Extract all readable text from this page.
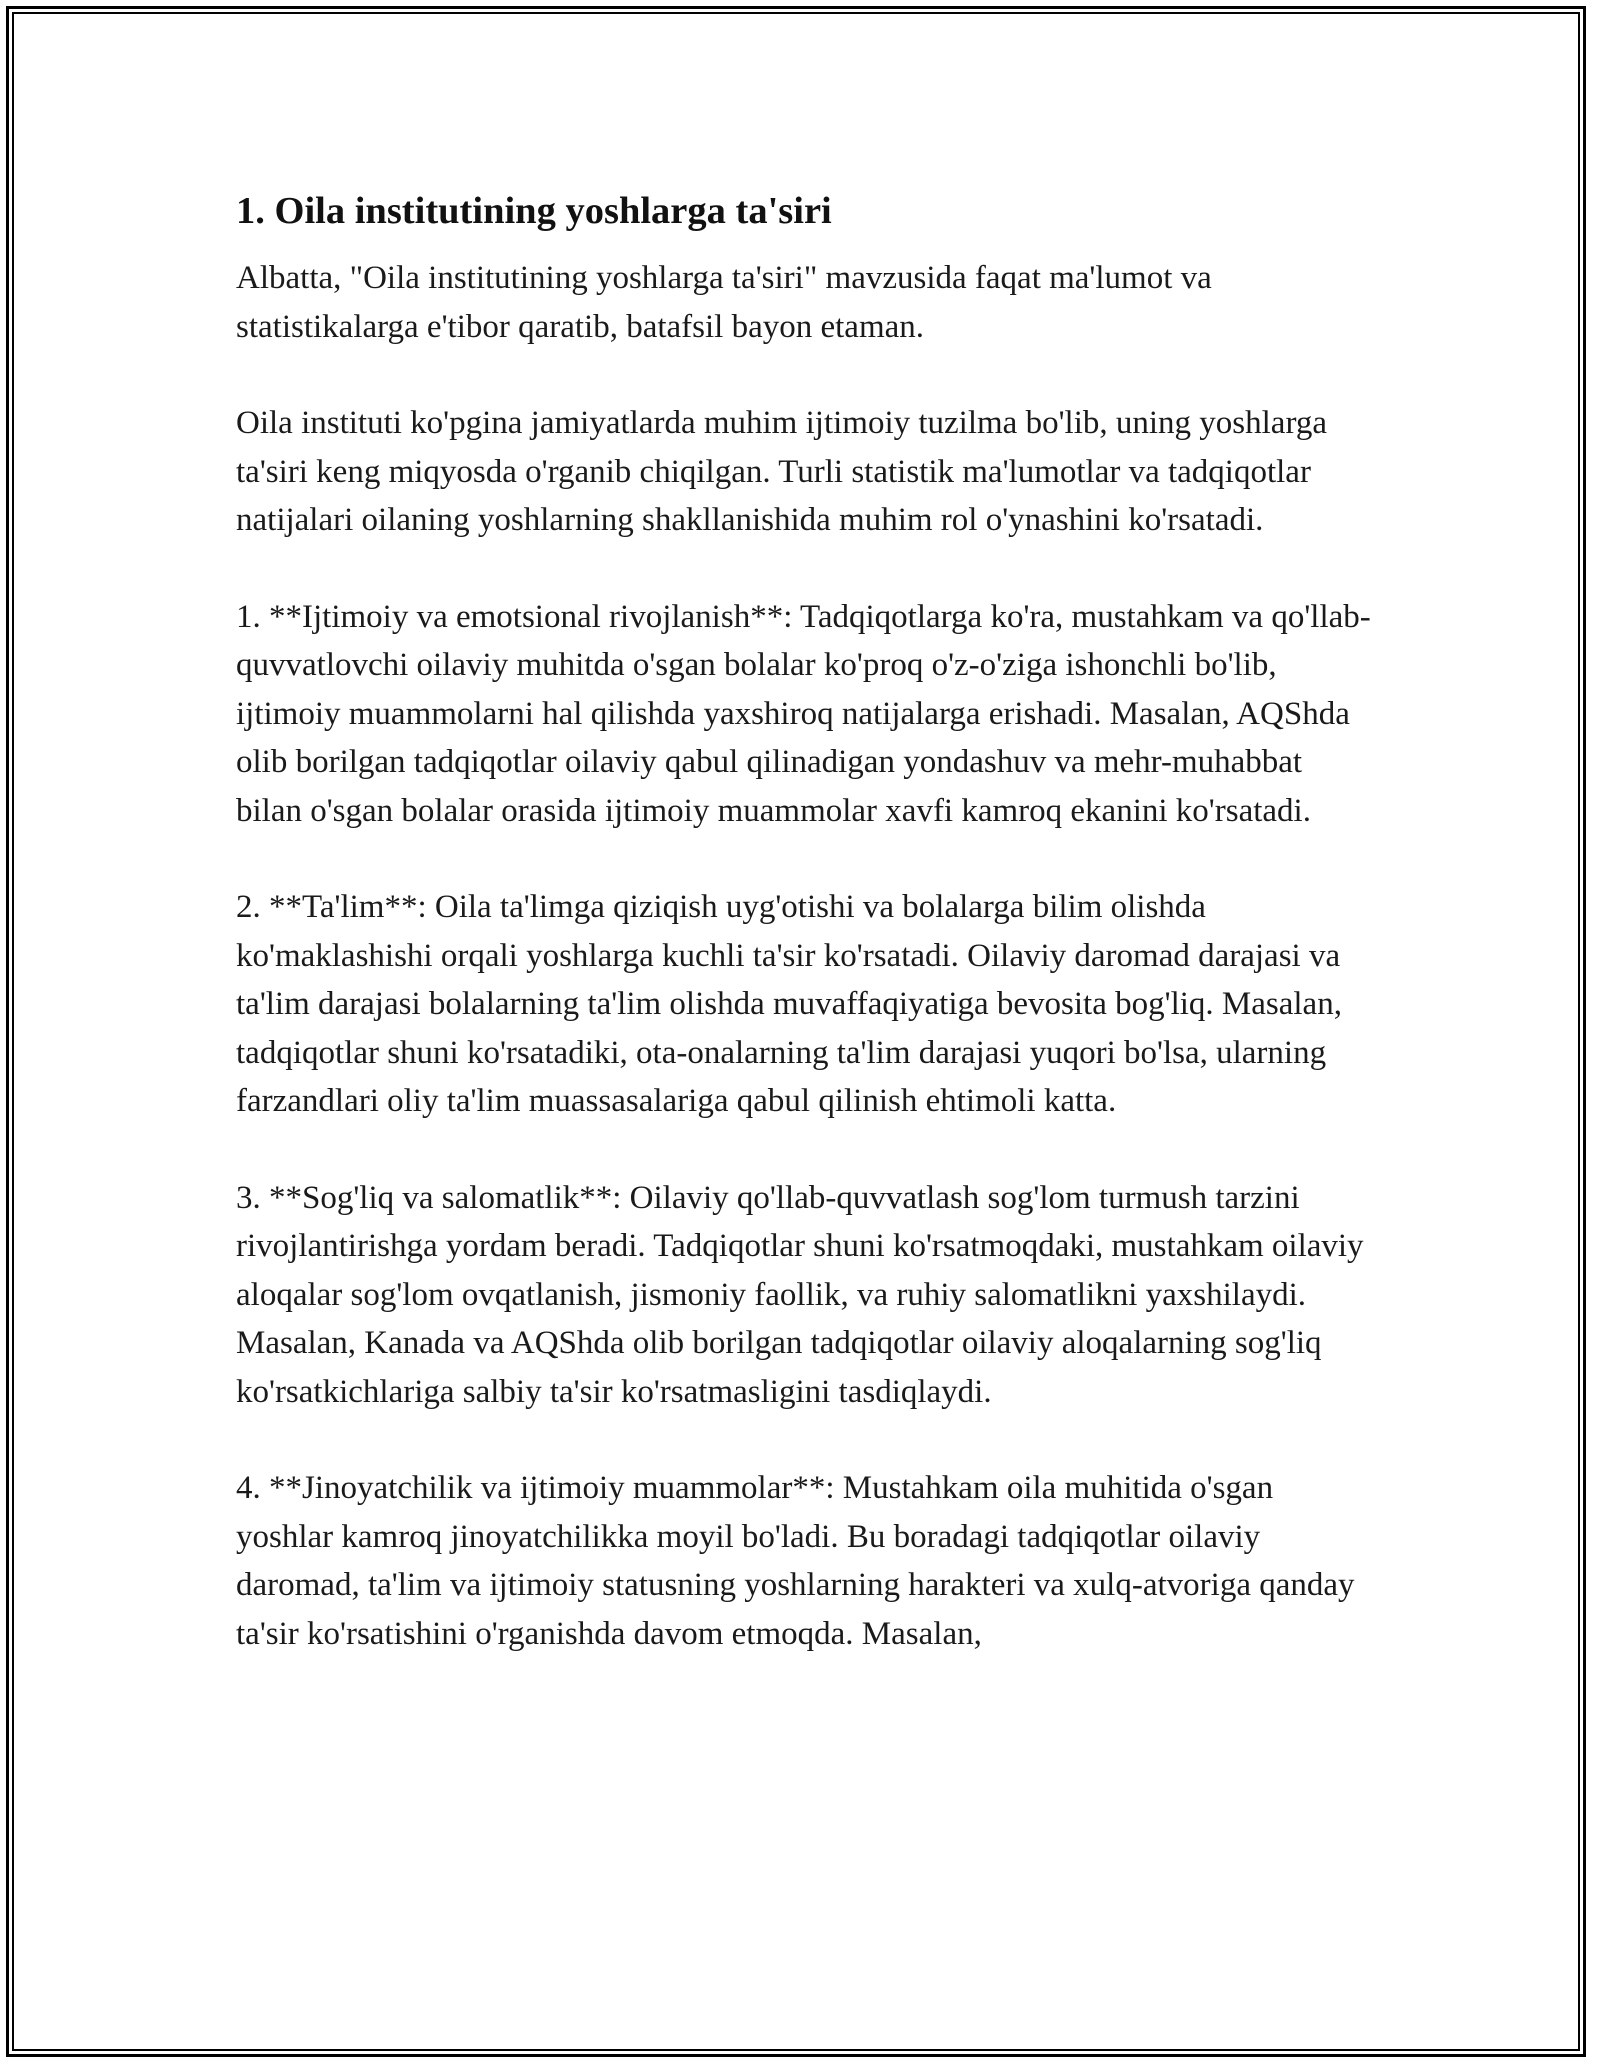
1. Oila institutining yoshlarga ta'siri

Albatta, "Oila institutining yoshlarga ta'siri" mavzusida faqat ma'lumot va statistikalarga e'tibor qaratib, batafsil bayon etaman.

Oila instituti ko'pgina jamiyatlarda muhim ijtimoiy tuzilma bo'lib, uning yoshlarga ta'siri keng miqyosda o'rganib chiqilgan. Turli statistik ma'lumotlar va tadqiqotlar natijalari oilaning yoshlarning shakllanishida muhim rol o'ynashini ko'rsatadi.

1. **Ijtimoiy va emotsional rivojlanish**: Tadqiqotlarga ko'ra, mustahkam va qo'llab-quvvatlovchi oilaviy muhitda o'sgan bolalar ko'proq o'z-o'ziga ishonchli bo'lib, ijtimoiy muammolarni hal qilishda yaxshiroq natijalarga erishadi. Masalan, AQShda olib borilgan tadqiqotlar oilaviy qabul qilinadigan yondashuv va mehr-muhabbat bilan o'sgan bolalar orasida ijtimoiy muammolar xavfi kamroq ekanini ko'rsatadi.

2. **Ta'lim**: Oila ta'limga qiziqish uyg'otishi va bolalarga bilim olishda ko'maklashishi orqali yoshlarga kuchli ta'sir ko'rsatadi. Oilaviy daromad darajasi va ta'lim darajasi bolalarning ta'lim olishda muvaffaqiyatiga bevosita bog'liq. Masalan, tadqiqotlar shuni ko'rsatadiki, ota-onalarning ta'lim darajasi yuqori bo'lsa, ularning farzandlari oliy ta'lim muassasalariga qabul qilinish ehtimoli katta.

3. **Sog'liq va salomatlik**: Oilaviy qo'llab-quvvatlash sog'lom turmush tarzini rivojlantirishga yordam beradi. Tadqiqotlar shuni ko'rsatmoqdaki, mustahkam oilaviy aloqalar sog'lom ovqatlanish, jismoniy faollik, va ruhiy salomatlikni yaxshilaydi. Masalan, Kanada va AQShda olib borilgan tadqiqotlar oilaviy aloqalarning sog'liq ko'rsatkichlariga salbiy ta'sir ko'rsatmasligini tasdiqlaydi.

4. **Jinoyatchilik va ijtimoiy muammolar**: Mustahkam oila muhitida o'sgan yoshlar kamroq jinoyatchilikka moyil bo'ladi. Bu boradagi tadqiqotlar oilaviy daromad, ta'lim va ijtimoiy statusning yoshlarning harakteri va xulq-atvoriga qanday ta'sir ko'rsatishini o'rganishda davom etmoqda. Masalan,
